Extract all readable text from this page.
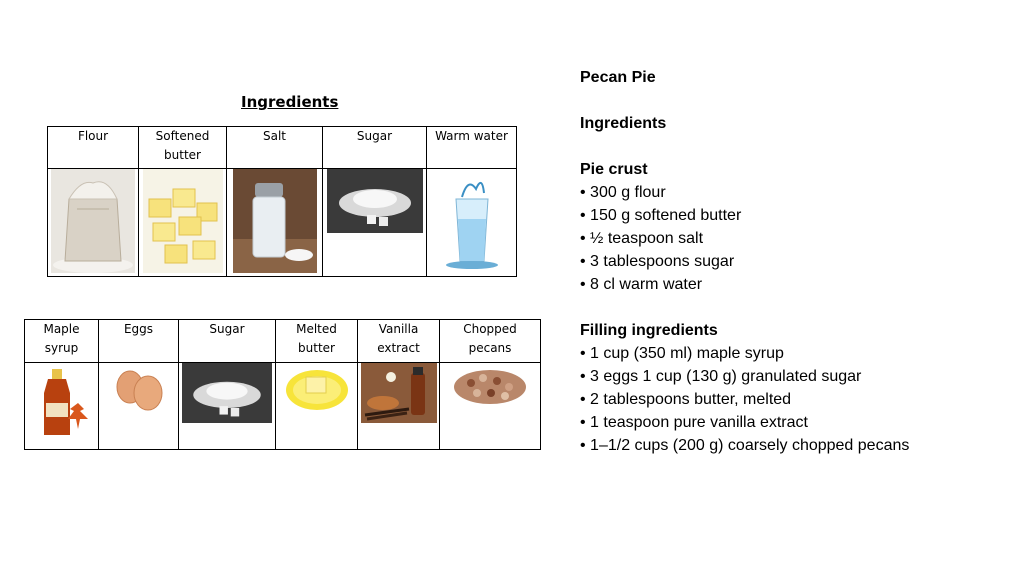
Ingredients
Flour	Softened butter	Salt	Sugar	Warm water

Maple syrup	Eggs	Sugar	Melted butter	Vanilla extract	Chopped pecans

Pecan Pie
Ingredients
Pie crust
• 300 g flour
• 150 g softened butter
• ½ teaspoon salt
• 3 tablespoons sugar
• 8 cl warm water
Filling ingredients
• 1 cup (350 ml) maple syrup
• 3 eggs 1 cup (130 g) granulated sugar
• 2 tablespoons butter, melted
• 1 teaspoon pure vanilla extract
• 1–1/2 cups (200 g) coarsely chopped pecans
